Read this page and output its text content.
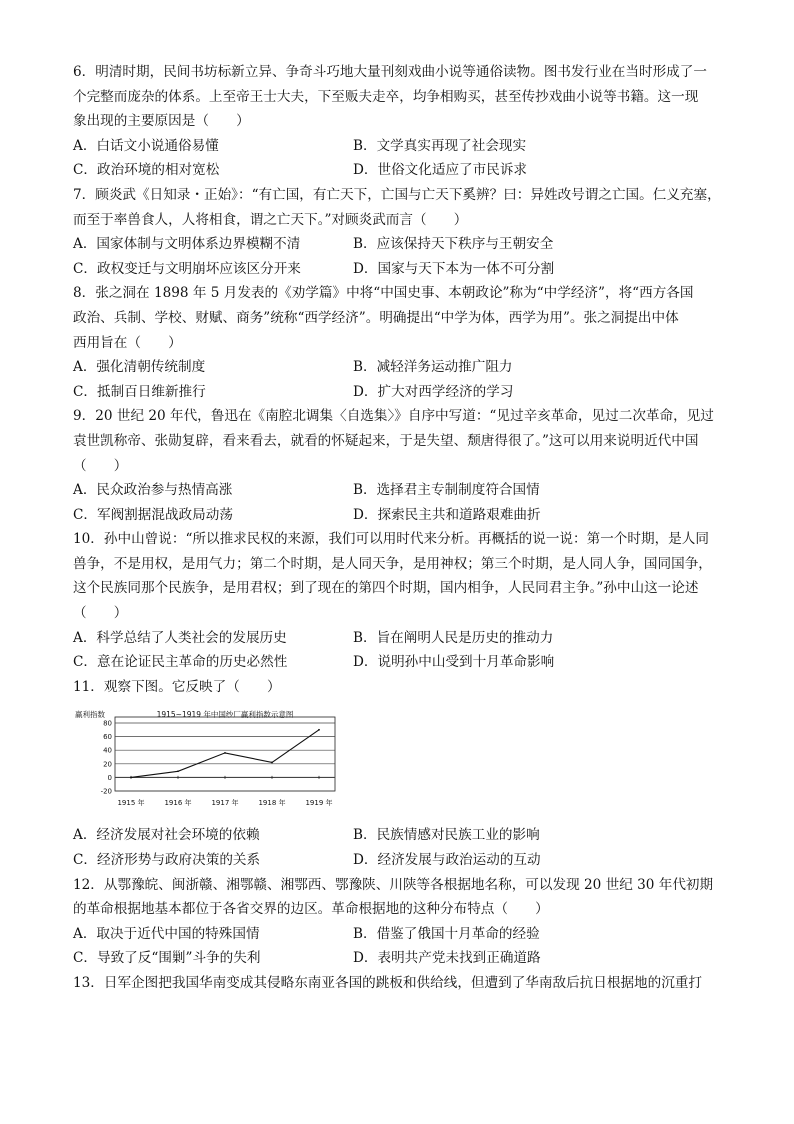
6．明清时期，民间书坊标新立异、争奇斗巧地大量刊刻戏曲小说等通俗读物。图书发行业在当时形成了一
个完整而庞杂的体系。上至帝王士大夫，下至贩夫走卒，均争相购买，甚至传抄戏曲小说等书籍。这一现
象出现的主要原因是（　　）
A．白话文小说通俗易懂	B．文学真实再现了社会现实
C．政治环境的相对宽松	D．世俗文化适应了市民诉求
7．顾炎武《日知录・正始》：“有亡国，有亡天下，亡国与亡天下奚辨？曰：异姓改号谓之亡国。仁义充塞，
而至于率兽食人，人将相食，谓之亡天下。”对顾炎武而言（　　）
A．国家体制与文明体系边界模糊不清	B．应该保持天下秩序与王朝安全
C．政权变迁与文明崩坏应该区分开来	D．国家与天下本为一体不可分割
8．张之洞在 1898 年 5 月发表的《劝学篇》中将“中国史事、本朝政论”称为“中学经济”，将“西方各国
政治、兵制、学校、财赋、商务”统称“西学经济”。明确提出“中学为体，西学为用”。张之洞提出中体
西用旨在（　　）
A．强化清朝传统制度	B．减轻洋务运动推广阻力
C．抵制百日维新推行	D．扩大对西学经济的学习
9．20 世纪 20 年代，鲁迅在《南腔北调集〈自选集〉》自序中写道：“见过辛亥革命，见过二次革命，见过
袁世凯称帝、张勋复辟，看来看去，就看的怀疑起来，于是失望、颓唐得很了。”这可以用来说明近代中国
（　　）
A．民众政治参与热情高涨	B．选择君主专制制度符合国情
C．军阀割据混战政局动荡	D．探索民主共和道路艰难曲折
10．孙中山曾说：“所以推求民权的来源，我们可以用时代来分析。再概括的说一说：第一个时期，是人同
兽争，不是用权，是用气力；第二个时期，是人同天争，是用神权；第三个时期，是人同人争，国同国争，
这个民族同那个民族争，是用君权；到了现在的第四个时期，国内相争，人民同君主争。”孙中山这一论述
（　　）
A．科学总结了人类社会的发展历史	B．旨在阐明人民是历史的推动力
C．意在论证民主革命的历史必然性	D．说明孙中山受到十月革命影响
11．观察下图。它反映了（　　）
1915~1919 年中国纱厂赢利指数示意图
赢利指数
80
60
40
20
0
-20
1915 年	1916 年	1917 年	1918 年	1919 年
A．经济发展对社会环境的依赖	B．民族情感对民族工业的影响
C．经济形势与政府决策的关系	D．经济发展与政治运动的互动
12．从鄂豫皖、闽浙赣、湘鄂赣、湘鄂西、鄂豫陕、川陕等各根据地名称，可以发现 20 世纪 30 年代初期
的革命根据地基本都位于各省交界的边区。革命根据地的这种分布特点（　　）
A．取决于近代中国的特殊国情	B．借鉴了俄国十月革命的经验
C．导致了反“围剿”斗争的失利	D．表明共产党未找到正确道路
13．日军企图把我国华南变成其侵略东南亚各国的跳板和供给线，但遭到了华南敌后抗日根据地的沉重打
